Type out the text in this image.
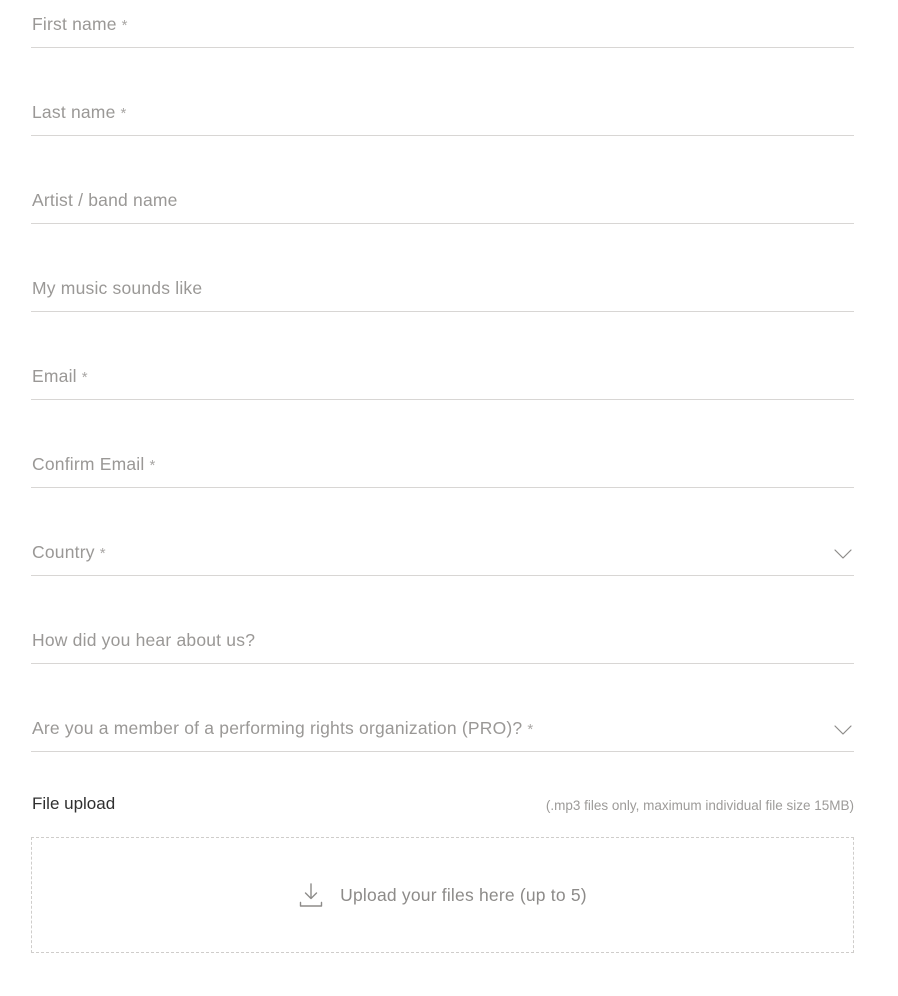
First name *
Last name *
Artist / band name
My music sounds like
Email *
Confirm Email *
Country *
How did you hear about us?
Are you a member of a performing rights organization (PRO)? *
File upload	(.mp3 files only, maximum individual file size 15MB)
Upload your files here (up to 5)
